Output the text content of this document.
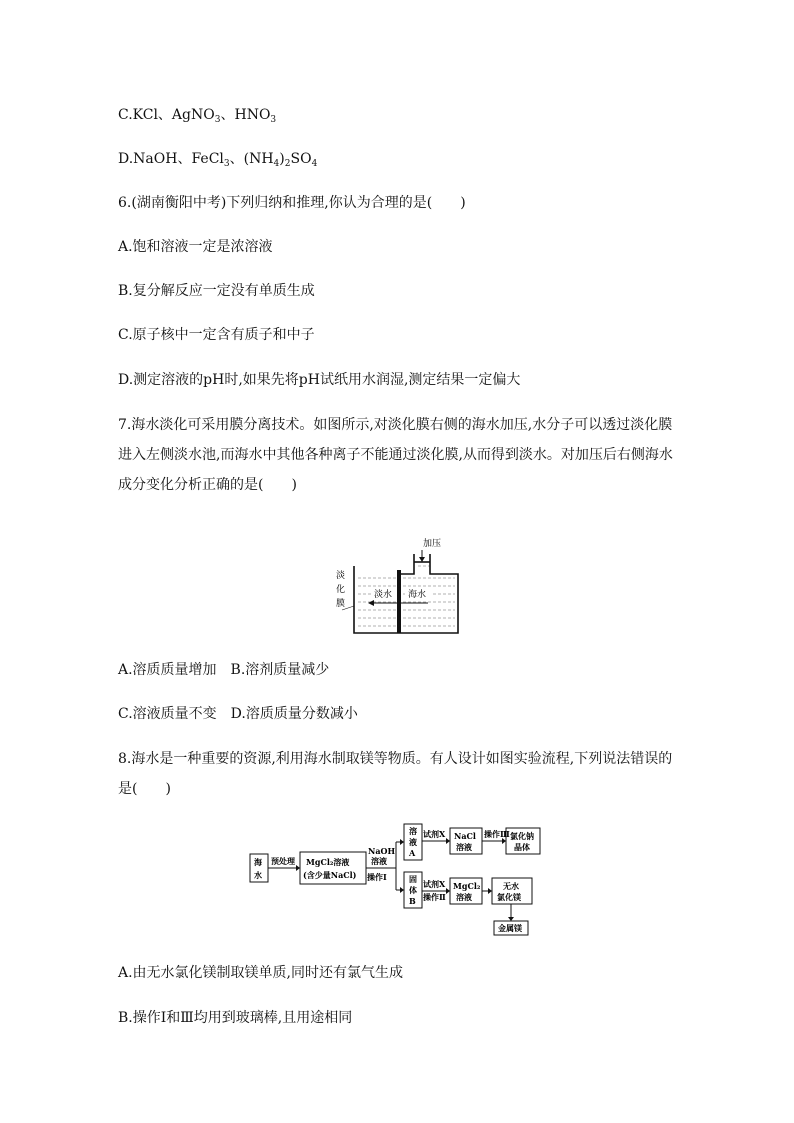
C.KCl、AgNO$_3$、$HNO_3$
D.NaOH、FeCl$_3$、$(NH_4)_2SO_4$
6.(湖南衡阳中考)下列归纳和推理,你认为合理的是(　　)
A.饱和溶液一定是浓溶液
B.复分解反应一定没有单质生成
C.原子核中一定含有质子和中子
D.测定溶液的pH时,如果先将pH试纸用水润湿,测定结果一定偏大
7.海水淡化可采用膜分离技术。如图所示,对淡化膜右侧的海水加压,水分子可以透过淡化膜
进入左侧淡水池,而海水中其他各种离子不能通过淡化膜,从而得到淡水。对加压后右侧海水
成分变化分析正确的是(　　)
加压
淡
化
膜
淡水 海水
A.溶质质量增加　B.溶剂质量减少
C.溶液质量不变　D.溶质质量分数减小
8.海水是一种重要的资源,利用海水制取镁等物质。有人设计如图实验流程,下列说法错误的
是(　　)
海
水
预处理 MgCl₂溶液
(含少量NaCl)
NaOH
溶液
操作Ⅰ
溶
液
A
固
体
B
试剂X NaCl
溶液
操作Ⅲ 氯化钠
晶体
试剂X
操作Ⅱ
MgCl₂
溶液
无水
氯化镁
金属镁
A.由无水氯化镁制取镁单质,同时还有氯气生成
B.操作Ⅰ和Ⅲ均用到玻璃棒,且用途相同
